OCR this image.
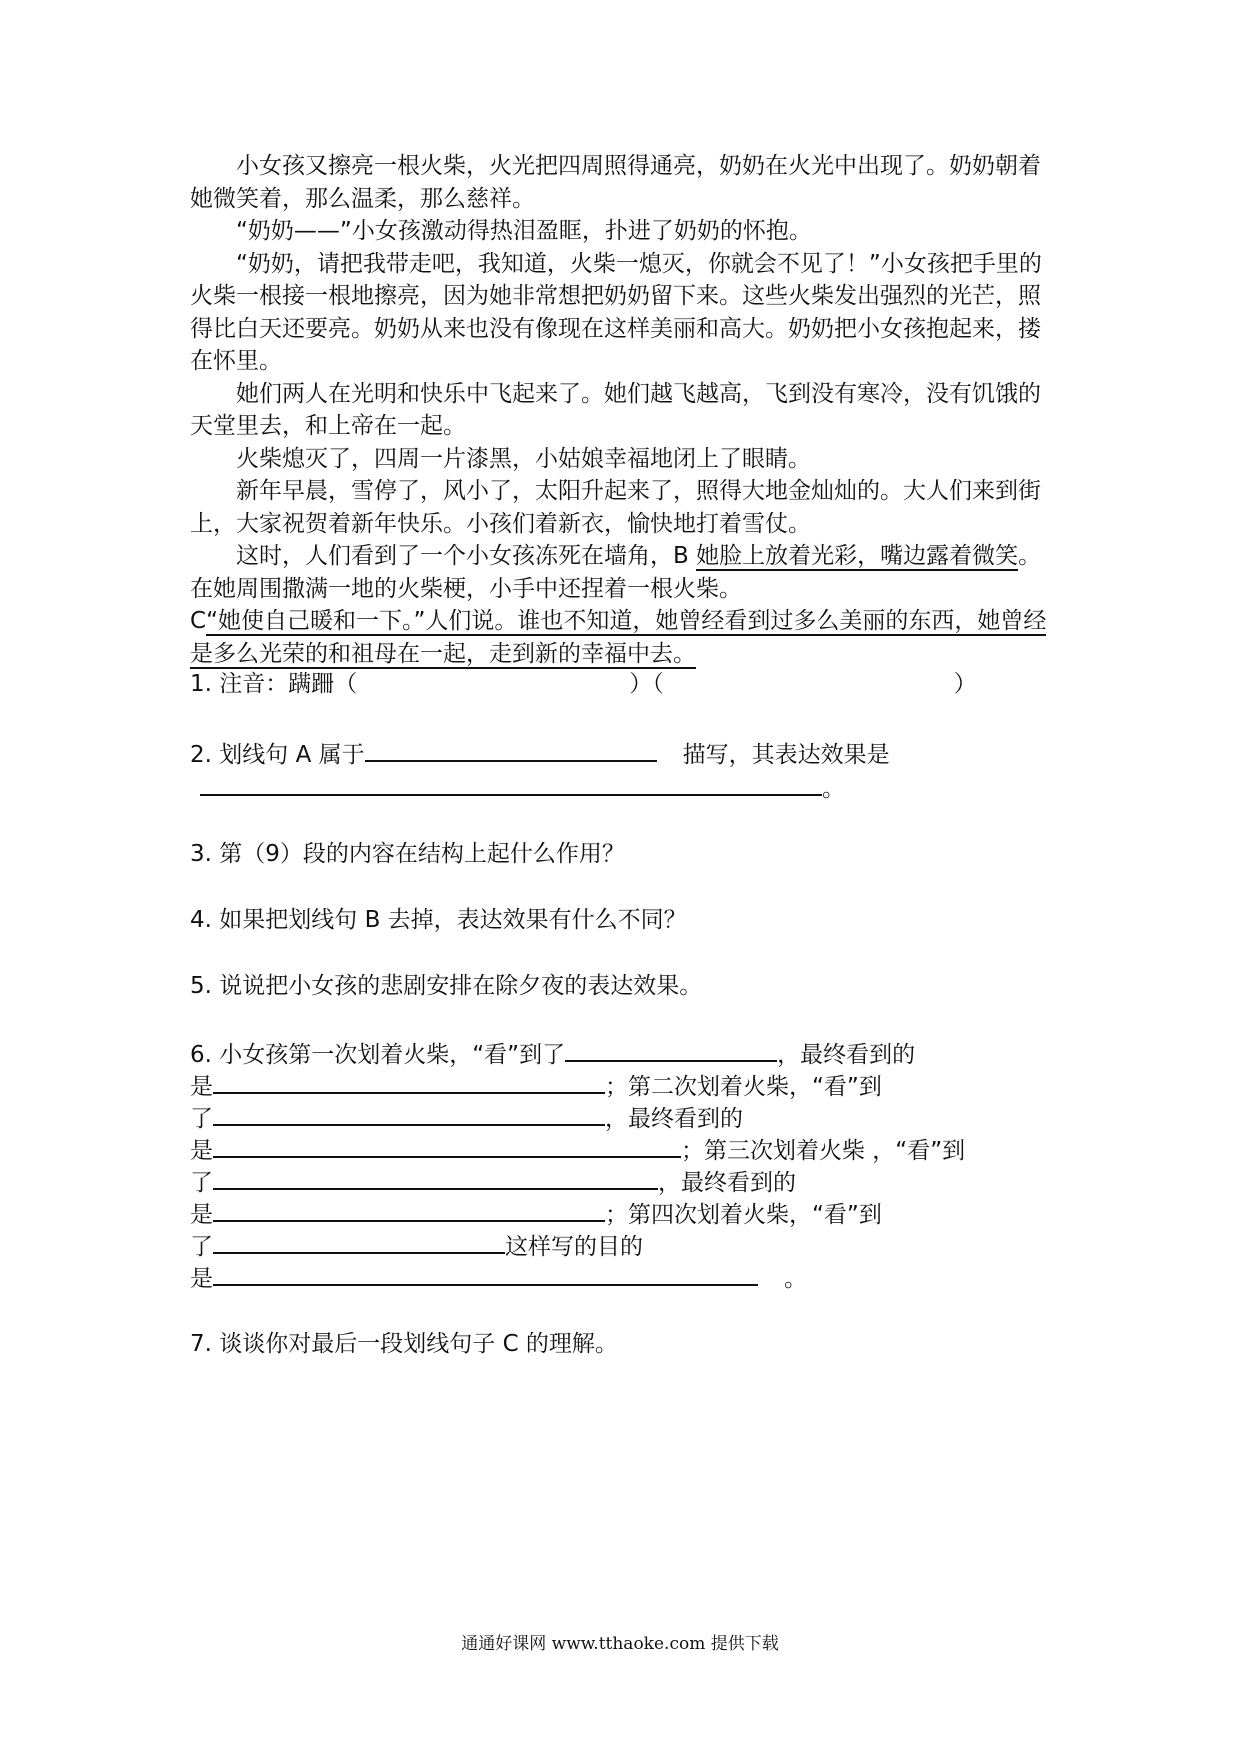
小女孩又擦亮一根火柴，火光把四周照得通亮，奶奶在火光中出现了。奶奶朝着她微笑着，那么温柔，那么慈祥。

“奶奶——”小女孩激动得热泪盈眶，扑进了奶奶的怀抱。

“奶奶，请把我带走吧，我知道，火柴一熄灭，你就会不见了！”小女孩把手里的火柴一根接一根地擦亮，因为她非常想把奶奶留下来。这些火柴发出强烈的光芒，照得比白天还要亮。奶奶从来也没有像现在这样美丽和高大。奶奶把小女孩抱起来，搂在怀里。

她们两人在光明和快乐中飞起来了。她们越飞越高，飞到没有寒冷，没有饥饿的天堂里去，和上帝在一起。

火柴熄灭了，四周一片漆黑，小姑娘幸福地闭上了眼睛。

新年早晨，雪停了，风小了，太阳升起来了，照得大地金灿灿的。大人们来到街上，大家祝贺着新年快乐。小孩们着新衣，愉快地打着雪仗。

这时，人们看到了一个小女孩冻死在墙角，B 她脸上放着光彩，嘴边露着微笑。在她周围撒满一地的火柴梗，小手中还捏着一根火柴。

C“她使自己暖和一下。”人们说。谁也不知道，她曾经看到过多么美丽的东西，她曾经是多么光荣的和祖母在一起，走到新的幸福中去。

1. 注音：蹒跚（	）（	）
2. 划线句 A 属于	描写，其表达效果是
。
3. 第（9）段的内容在结构上起什么作用？
4. 如果把划线句 B 去掉，表达效果有什么不同？
5. 说说把小女孩的悲剧安排在除夕夜的表达效果。
6. 小女孩第一次划着火柴，“看”到了	，最终看到的
是	；第二次划着火柴，“看”到
了	，最终看到的
是	；第三次划着火柴 ，“看”到
了	，最终看到的
是	；第四次划着火柴，“看”到
了	这样写的目的
是	。
7. 谈谈你对最后一段划线句子 C 的理解。
通通好课网 www.tthaoke.com 提供下载
